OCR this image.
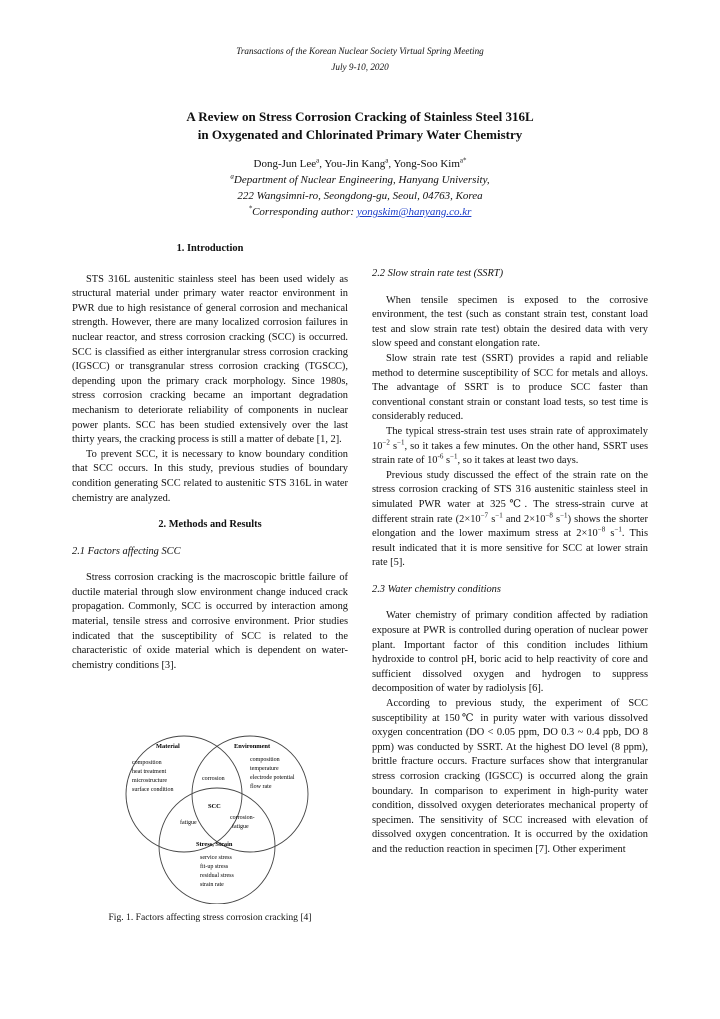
Transactions of the Korean Nuclear Society Virtual Spring Meeting
July 9-10, 2020
A Review on Stress Corrosion Cracking of Stainless Steel 316L
in Oxygenated and Chlorinated Primary Water Chemistry
Dong-Jun Lee$^a$, You-Jin Kang$^a$, Yong-Soo Kim$^{a*}$
$^a$Department of Nuclear Engineering, Hanyang University,
222 Wangsimni-ro, Seongdong-gu, Seoul, 04763, Korea
*Corresponding author: yongskim@hanyang.co.kr

1. Introduction

STS 316L austenitic stainless steel has been used widely as structural material under primary water reactor environment in PWR due to high resistance of general corrosion and mechanical strength. However, there are many localized corrosion failures in nuclear reactor, and stress corrosion cracking (SCC) is occurred. SCC is classified as either intergranular stress corrosion cracking (IGSCC) or transgranular stress corrosion cracking (TGSCC), depending upon the primary crack morphology. Since 1980s, stress corrosion cracking became an important degradation mechanism to deteriorate reliability of components in nuclear power plants. SCC has been studied extensively over the last thirty years, the cracking process is still a matter of debate [1, 2].

To prevent SCC, it is necessary to know boundary condition that SCC occurs. In this study, previous studies of boundary condition generating SCC related to austenitic STS 316L in water chemistry are analyzed.

2. Methods and Results

2.1 Factors affecting SCC

Stress corrosion cracking is the macroscopic brittle failure of ductile material through slow environment change induced crack propagation. Commonly, SCC is occurred by interaction among material, tensile stress and corrosive environment. Prior studies indicated that the susceptibility of SCC is related to the characteristic of oxide material which is dependent on water-chemistry conditions [3].

Material
composition
heat treatment
microstructure
surface condition
Environment
composition
temperature
electrode potential
flow rate
corrosion
SCC
fatigue
corrosion-
fatigue
Stress, Strain
service stress
fit-up stress
residual stress
strain rate
Fig. 1. Factors affecting stress corrosion cracking [4]

2.2 Slow strain rate test (SSRT)

When tensile specimen is exposed to the corrosive environment, the test (such as constant strain test, constant load test and slow strain rate test) obtain the desired data with very slow speed and constant elongation rate.

Slow strain rate test (SSRT) provides a rapid and reliable method to determine susceptibility of SCC for metals and alloys. The advantage of SSRT is to produce SCC faster than conventional constant strain or constant load tests, so test time is considerably reduced.

The typical stress-strain test uses strain rate of approximately $10^{-2}$ $s^{-1}$, so it takes a few minutes. On the other hand, SSRT uses strain rate of $10^{-6}$ $s^{-1}$, so it takes at least two days.

Previous study discussed the effect of the strain rate on the stress corrosion cracking of STS 316 austenitic stainless steel in simulated PWR water at 325℃. The stress-strain curve at different strain rate ($2\times 10^{-7}$ $s^{-1}$ and $2\times 10^{-8}$ $s^{-1}$) shows the shorter elongation and the lower maximum stress at $2\times 10^{-8}$ $s^{-1}$. This result indicated that it is more sensitive for SCC at lower strain rate [5].

2.3 Water chemistry conditions

Water chemistry of primary condition affected by radiation exposure at PWR is controlled during operation of nuclear power plant. Important factor of this condition includes lithium hydroxide to control pH, boric acid to help reactivity of core and sufficient dissolved oxygen and hydrogen to suppress decomposition of water by radiolysis [6].

According to previous study, the experiment of SCC susceptibility at 150℃ in purity water with various dissolved oxygen concentration (DO < 0.05 ppm, DO 0.3 ~ 0.4 ppb, DO 8 ppm) was conducted by SSRT. At the highest DO level (8 ppm), brittle fracture occurs. Fracture surfaces show that intergranular stress corrosion cracking (IGSCC) is occurred along the grain boundary. In comparison to experiment in high-purity water condition, dissolved oxygen deteriorates mechanical property of specimen. The sensitivity of SCC increased with elevation of dissolved oxygen concentration. It is occurred by the oxidation and the reduction reaction in specimen [7]. Other experiment
